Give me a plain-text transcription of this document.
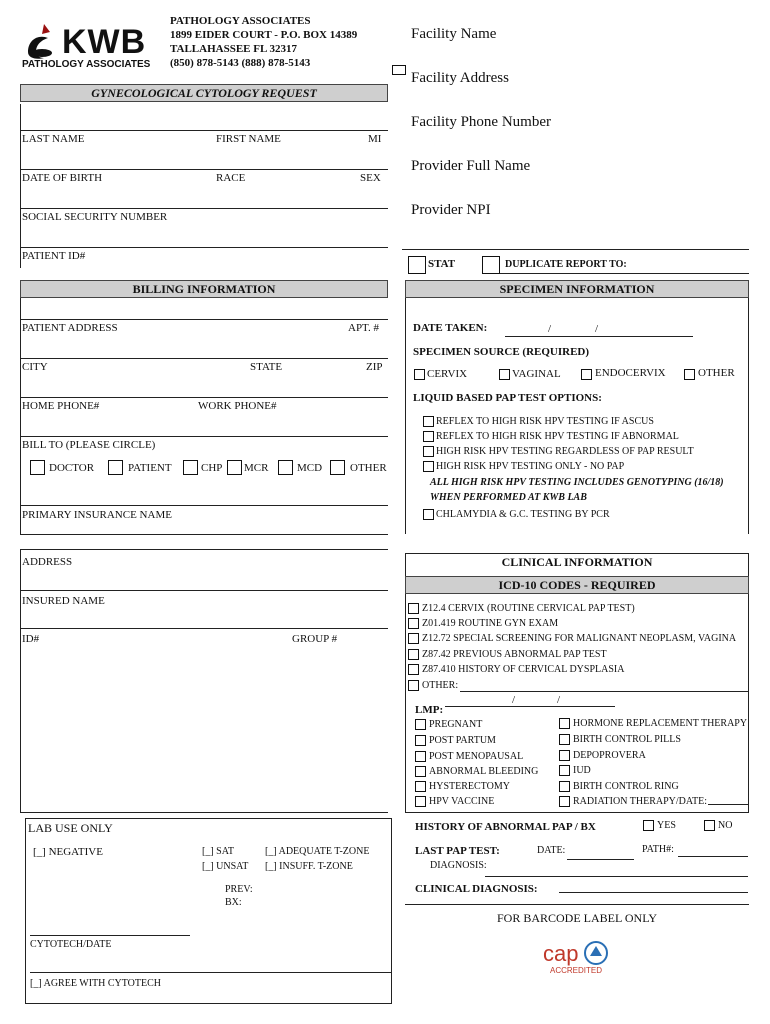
KWB
PATHOLOGY ASSOCIATES
PATHOLOGY ASSOCIATES
1899 EIDER COURT - P.O. BOX 14389
TALLAHASSEE FL 32317
(850) 878-5143 (888) 878-5143
Facility Name
Facility Address
Facility Phone Number
Provider Full Name
Provider NPI
GYNECOLOGICAL CYTOLOGY REQUEST
LAST NAME	FIRST NAME	MI
DATE OF BIRTH	RACE	SEX
SOCIAL SECURITY NUMBER
PATIENT ID#
STAT	DUPLICATE REPORT TO:
BILLING INFORMATION
PATIENT ADDRESS	APT. #
CITY	STATE	ZIP
HOME PHONE#	WORK PHONE#
BILL TO (PLEASE CIRCLE)
DOCTOR	PATIENT	CHP MCR	MCD	OTHER
PRIMARY INSURANCE NAME
ADDRESS
INSURED NAME
ID#	GROUP #
SPECIMEN INFORMATION
DATE TAKEN:	/	/
SPECIMEN SOURCE (REQUIRED)
CERVIX	VAGINAL	ENDOCERVIX	OTHER
LIQUID BASED PAP TEST OPTIONS:
REFLEX TO HIGH RISK HPV TESTING IF ASCUS
REFLEX TO HIGH RISK HPV TESTING IF ABNORMAL
HIGH RISK HPV TESTING REGARDLESS OF PAP RESULT
HIGH RISK HPV TESTING ONLY - NO PAP
ALL HIGH RISK HPV TESTING INCLUDES GENOTYPING (16/18)
WHEN PERFORMED AT KWB LAB
CHLAMYDIA & G.C. TESTING BY PCR
CLINICAL INFORMATION
ICD-10 CODES - REQUIRED
Z12.4 CERVIX (ROUTINE CERVICAL PAP TEST)
Z01.419 ROUTINE GYN EXAM
Z12.72 SPECIAL SCREENING FOR MALIGNANT NEOPLASM, VAGINA
Z87.42 PREVIOUS ABNORMAL PAP TEST
Z87.410 HISTORY OF CERVICAL DYSPLASIA
OTHER:
/	/
LMP:
PREGNANT
POST PARTUM
POST MENOPAUSAL
ABNORMAL BLEEDING
HYSTERECTOMY
HPV VACCINE
HORMONE REPLACEMENT THERAPY
BIRTH CONTROL PILLS
DEPOPROVERA
IUD
BIRTH CONTROL RING
RADIATION THERAPY/DATE:
HISTORY OF ABNORMAL PAP / BX	YES	NO
LAST PAP TEST:	DATE:	PATH#:
DIAGNOSIS:
CLINICAL DIAGNOSIS:
FOR BARCODE LABEL ONLY
cap
ACCREDITED
LAB USE ONLY
[_] NEGATIVE	[_] SAT
[_] UNSAT
[_] ADEQUATE T-ZONE
[_] INSUFF. T-ZONE
PREV:
BX:
CYTOTECH/DATE
[_] AGREE WITH CYTOTECH
